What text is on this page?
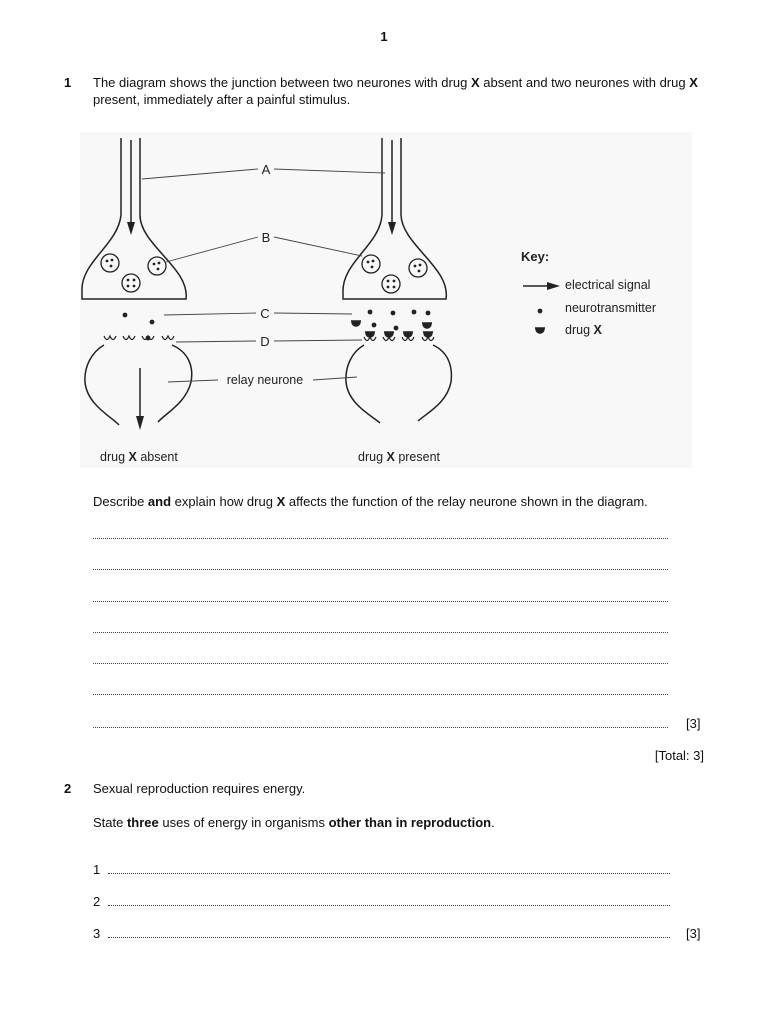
1
1 The diagram shows the junction between two neurones with drug X absent and two neurones with drug X present, immediately after a painful stimulus.
A
B
C
D
relay neurone
drug X absent	drug X present
Key:
electrical signal
neurotransmitter
drug X
Describe and explain how drug X affects the function of the relay neurone shown in the diagram.
[3]
[Total: 3]
2 Sexual reproduction requires energy.
State three uses of energy in organisms other than in reproduction.
1
2
3	[3]
